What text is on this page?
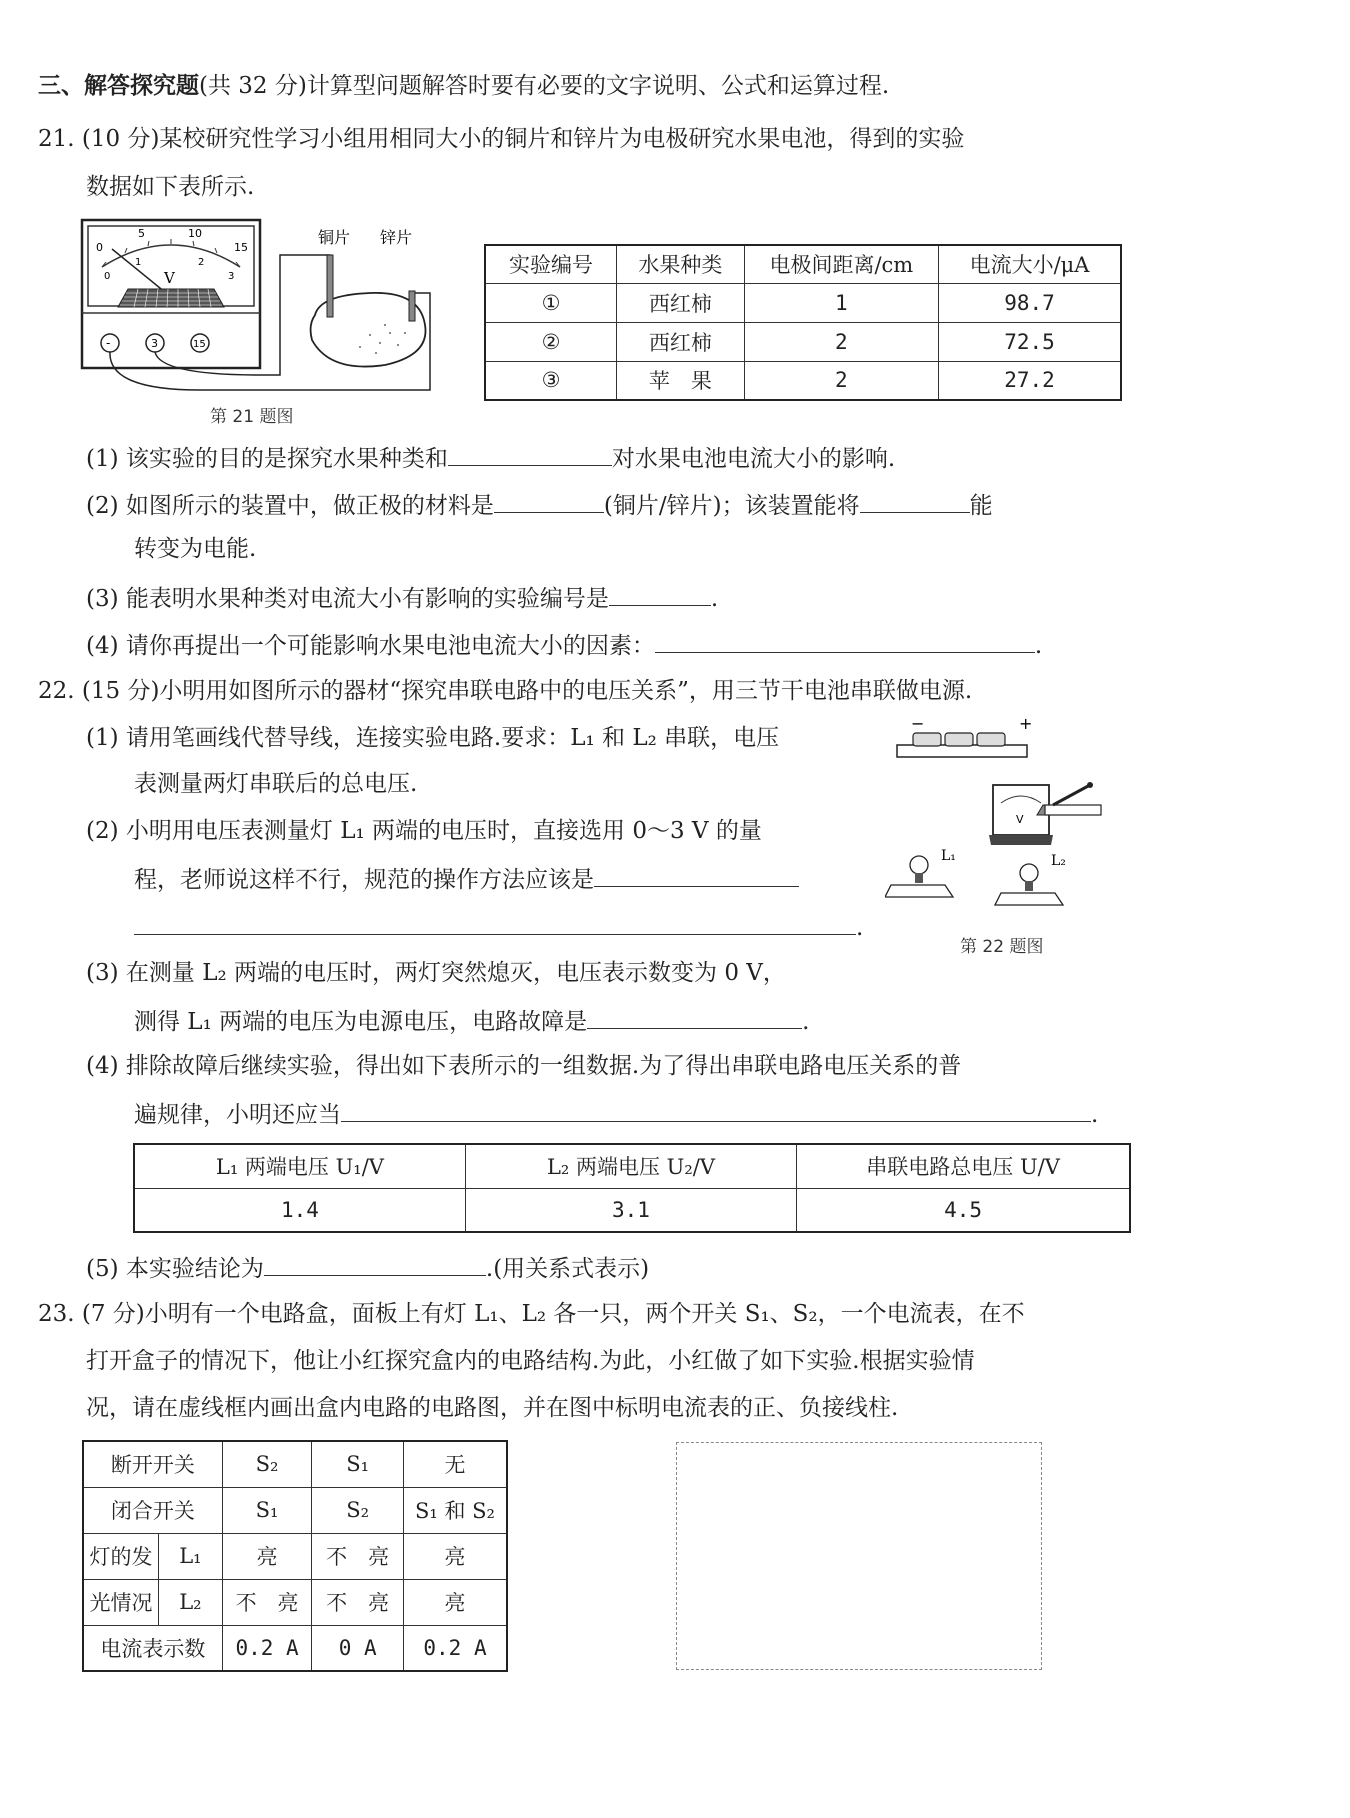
三、解答探究题(共 32 分)计算型问题解答时要有必要的文字说明、公式和运算过程.
21. (10 分)某校研究性学习小组用相同大小的铜片和锌片为电极研究水果电池，得到的实验
数据如下表所示.
0
5	10
15
0
1	2
3
V
-	3	15
铜片 锌片
第 21 题图
实验编号	水果种类	电极间距离/cm	电流大小/μA
①	西红柿	1	98.7
②	西红柿	2	72.5
③	苹　果	2	27.2
(1) 该实验的目的是探究水果种类和	对水果电池电流大小的影响.
(2) 如图所示的装置中，做正极的材料是	(铜片/锌片)；该装置能将	能
转变为电能.
(3) 能表明水果种类对电流大小有影响的实验编号是	.
(4) 请你再提出一个可能影响水果电池电流大小的因素：	.
22. (15 分)小明用如图所示的器材“探究串联电路中的电压关系”，用三节干电池串联做电源.
(1) 请用笔画线代替导线，连接实验电路.要求：L₁ 和 L₂ 串联，电压
表测量两灯串联后的总电压.
(2) 小明用电压表测量灯 L₁ 两端的电压时，直接选用 0～3 V 的量
程，老师说这样不行，规范的操作方法应该是
.
(3) 在测量 L₂ 两端的电压时，两灯突然熄灭，电压表示数变为 0 V，
测得 L₁ 两端的电压为电源电压，电路故障是	.
(4) 排除故障后继续实验，得出如下表所示的一组数据.为了得出串联电路电压关系的普
遍规律，小明还应当	.
−	+
V
L₁	L₂
第 22 题图
L₁ 两端电压 U₁/V	L₂ 两端电压 U₂/V	串联电路总电压 U/V
1.4	3.1	4.5
(5) 本实验结论为	.(用关系式表示)
23. (7 分)小明有一个电路盒，面板上有灯 L₁、L₂ 各一只，两个开关 S₁、S₂，一个电流表，在不
打开盒子的情况下，他让小红探究盒内的电路结构.为此，小红做了如下实验.根据实验情
况，请在虚线框内画出盒内电路的电路图，并在图中标明电流表的正、负接线柱.
断开开关		S₂	S₁	无
闭合开关		S₁	S₂	S₁ 和 S₂
灯的发	L₁	亮	不　亮	亮
光情况	L₂	不　亮	不　亮	亮
电流表示数		0.2 A	0 A	0.2 A
